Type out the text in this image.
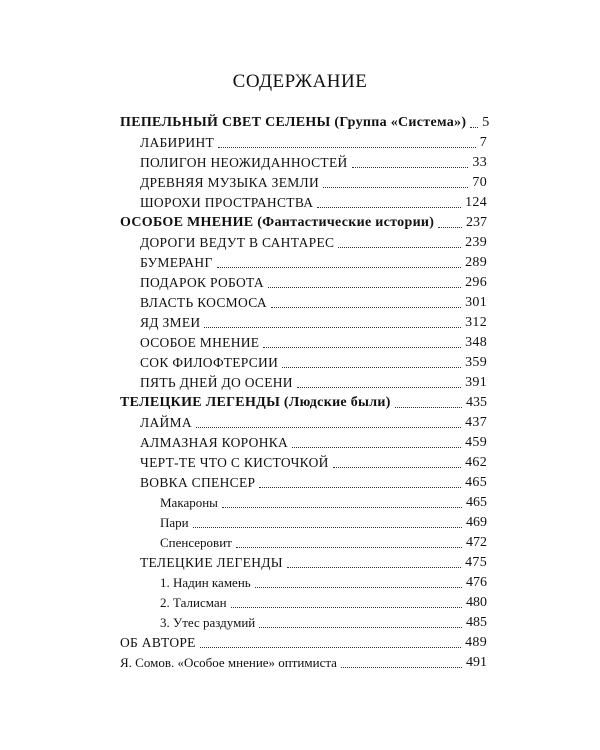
СОДЕРЖАНИЕ
ПЕПЕЛЬНЫЙ СВЕТ СЕЛЕНЫ (Группа «Система») 5
ЛАБИРИНТ	7
ПОЛИГОН НЕОЖИДАННОСТЕЙ	33
ДРЕВНЯЯ МУЗЫКА ЗЕМЛИ	70
ШОРОХИ ПРОСТРАНСТВА	124
ОСОБОЕ МНЕНИЕ (Фантастические истории) 237
ДОРОГИ ВЕДУТ В САНТАРЕС	239
БУМЕРАНГ	289
ПОДАРОК РОБОТА	296
ВЛАСТЬ КОСМОСА	301
ЯД ЗМЕИ	312
ОСОБОЕ МНЕНИЕ	348
СОК ФИЛОФТЕРСИИ	359
ПЯТЬ ДНЕЙ ДО ОСЕНИ	391
ТЕЛЕЦКИЕ ЛЕГЕНДЫ (Людские были)	435
ЛАЙМА	437
АЛМАЗНАЯ КОРОНКА	459
ЧЕРТ-ТЕ ЧТО С КИСТОЧКОЙ	462
ВОВКА СПЕНСЕР	465
Макароны	465
Пари	469
Спенсеровит	472
ТЕЛЕЦКИЕ ЛЕГЕНДЫ	475
1. Надин камень	476
2. Талисман	480
3. Утес раздумий	485
ОБ АВТОРЕ	489
Я. Сомов. «Особое мнение» оптимиста	491
